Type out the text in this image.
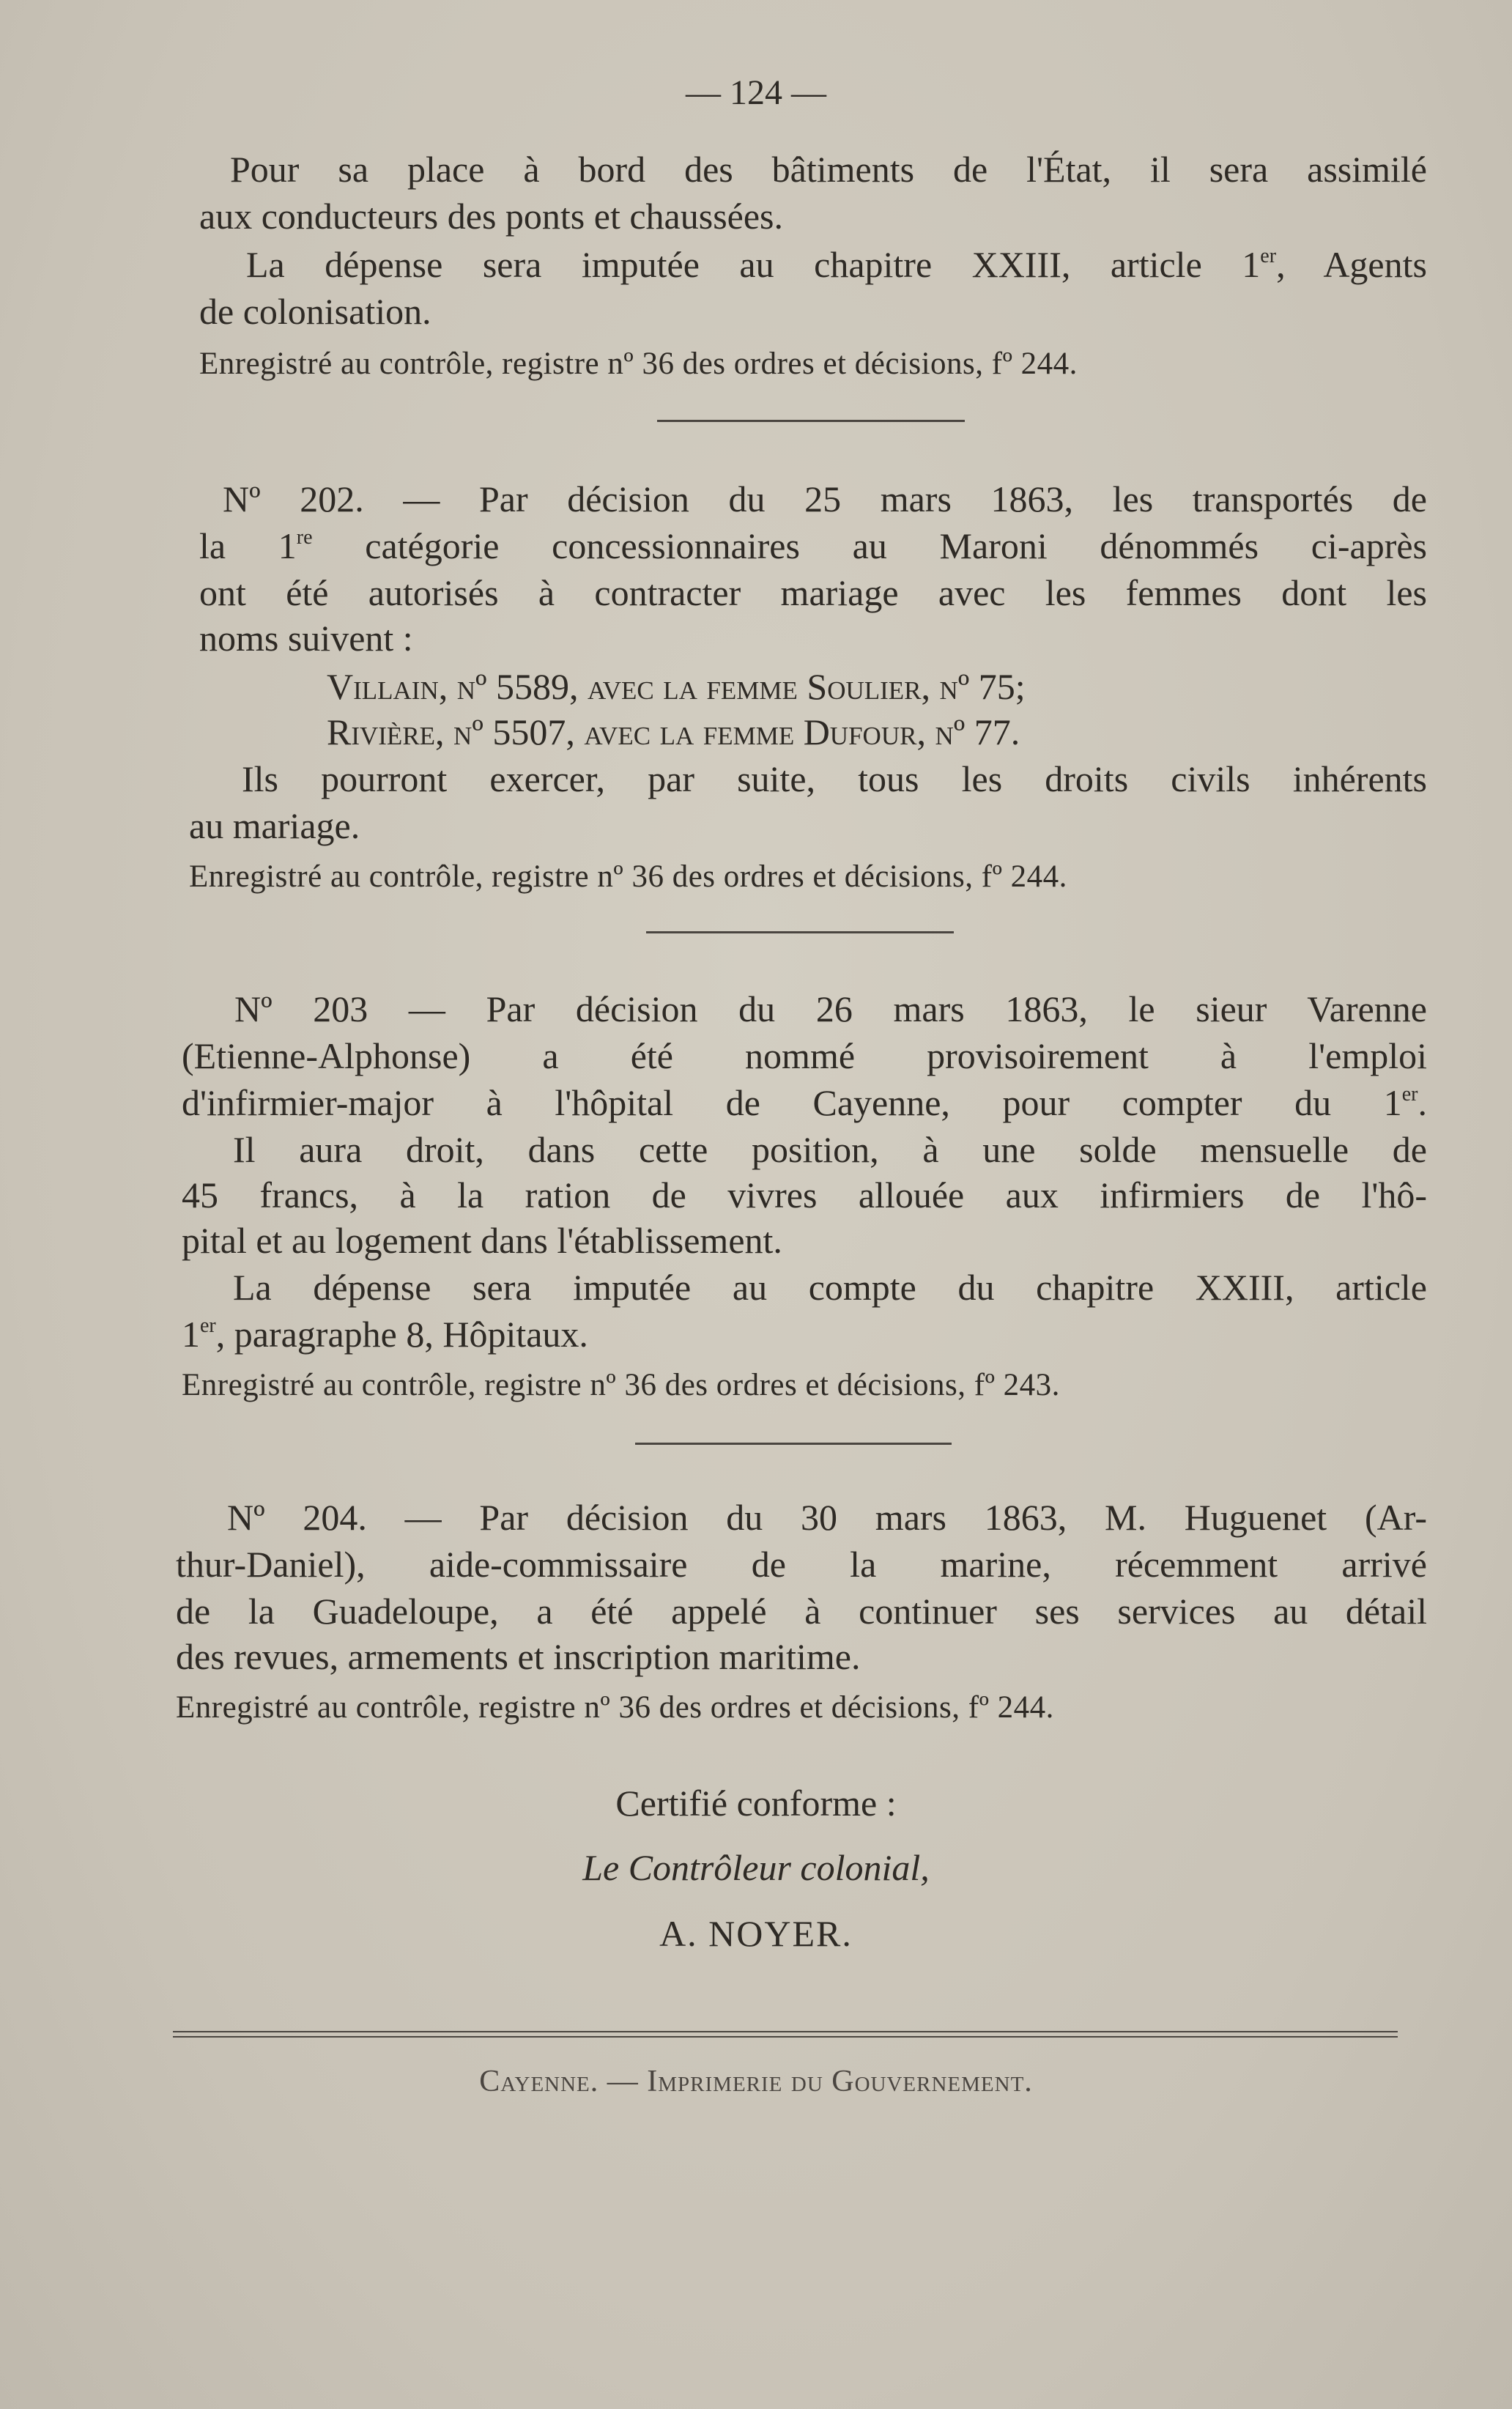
— 124 —
Pour sa place à bord des bâtiments de l'État, il sera assimilé
aux conducteurs des ponts et chaussées.
La dépense sera imputée au chapitre XXIII, article 1er, Agents
de colonisation.
Enregistré au contrôle, registre nº 36 des ordres et décisions, fº 244.
Nº 202. — Par décision du 25 mars 1863, les transportés de
la 1re catégorie concessionnaires au Maroni dénommés ci-après
ont été autorisés à contracter mariage avec les femmes dont les
noms suivent :
Villain, nº 5589, avec la femme Soulier, nº 75;
Rivière, nº 5507, avec la femme Dufour, nº 77.
Ils pourront exercer, par suite, tous les droits civils inhérents
au mariage.
Enregistré au contrôle, registre nº 36 des ordres et décisions, fº 244.
Nº 203 — Par décision du 26 mars 1863, le sieur Varenne
(Etienne-Alphonse) a été nommé provisoirement à l'emploi
d'infirmier-major à l'hôpital de Cayenne, pour compter du 1er.
Il aura droit, dans cette position, à une solde mensuelle de
45 francs, à la ration de vivres allouée aux infirmiers de l'hô-
pital et au logement dans l'établissement.
La dépense sera imputée au compte du chapitre XXIII, article
1er, paragraphe 8, Hôpitaux.
Enregistré au contrôle, registre nº 36 des ordres et décisions, fº 243.
Nº 204. — Par décision du 30 mars 1863, M. Huguenet (Ar-
thur-Daniel), aide-commissaire de la marine, récemment arrivé
de la Guadeloupe, a été appelé à continuer ses services au détail
des revues, armements et inscription maritime.
Enregistré au contrôle, registre nº 36 des ordres et décisions, fº 244.
Certifié conforme :
Le Contrôleur colonial,
A. NOYER.
Cayenne. — Imprimerie du Gouvernement.
